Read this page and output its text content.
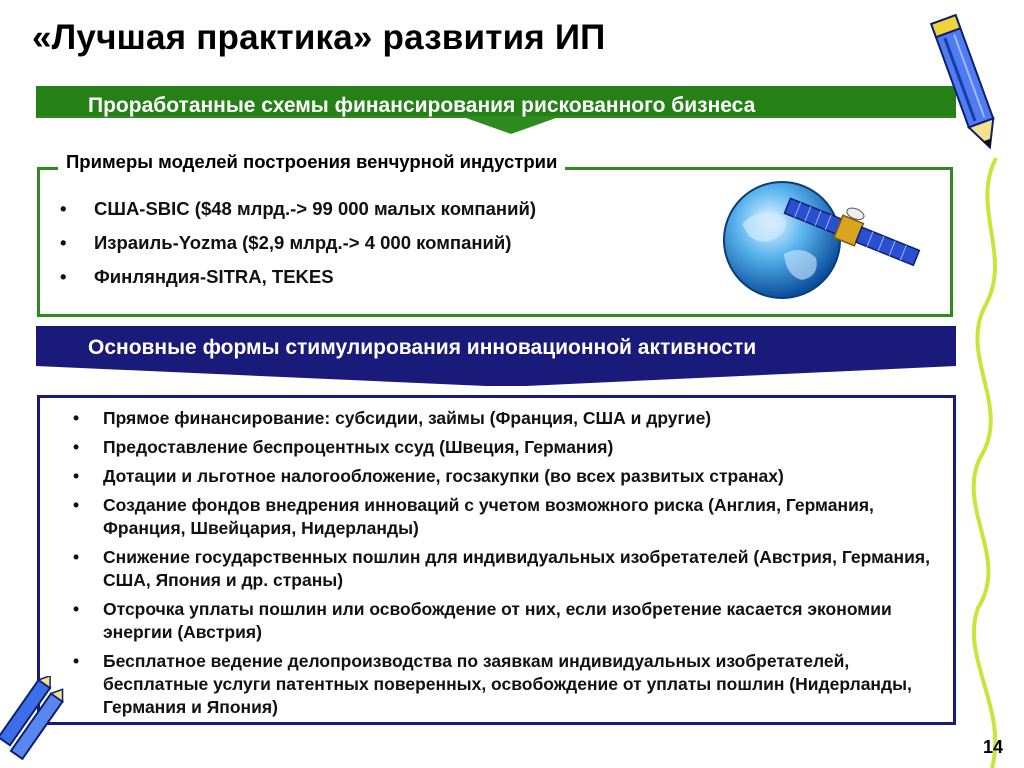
«Лучшая практика» развития ИП
Проработанные схемы финансирования рискованного бизнеса
Примеры моделей построения венчурной индустрии
• США-SBIC ($48 млрд.-> 99 000 малых компаний)
• Израиль-Yozma ($2,9 млрд.-> 4 000 компаний)
• Финляндия-SITRA, TEKES
Основные формы стимулирования инновационной активности
• Прямое финансирование: субсидии, займы (Франция, США и другие)
• Предоставление беспроцентных ссуд (Швеция, Германия)
• Дотации и льготное налогообложение, госзакупки (во всех развитых странах)
• Создание фондов внедрения инноваций с учетом возможного риска (Англия, Германия, Франция, Швейцария, Нидерланды)
• Снижение государственных пошлин для индивидуальных изобретателей (Австрия, Германия, США, Япония и др. страны)
• Отсрочка уплаты пошлин или освобождение от них, если изобретение касается экономии энергии (Австрия)
• Бесплатное ведение делопроизводства по заявкам индивидуальных изобретателей, бесплатные услуги патентных поверенных, освобождение от уплаты пошлин (Нидерланды, Германия и Япония)
14
